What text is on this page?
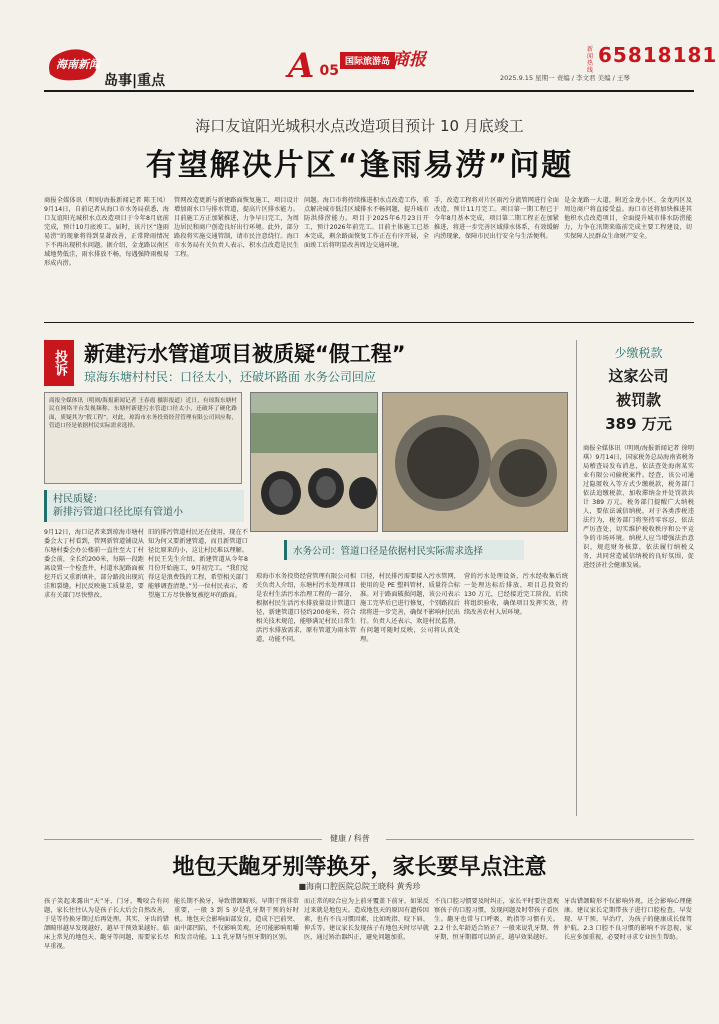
海南新闻
岛事|重点	A 05
国际旅游岛 商报
新闻热线
65818181
2025.9.15 星期一 责编 / 李文君 美编 / 王琴
海口友谊阳光城积水点改造项目预计 10 月底竣工
有望解决片区“逢雨易涝”问题
商报全媒体讯（明则/海报新闻记者 陈王凤）9月14日，自前记者从海口市水务局获悉，海口友谊阳光城积水点改造项目于今年8月底前完成，预计10月底竣工。届时，该片区“逢雨易涝”的现象将得到显著改善，正常降雨情况下不再出现积水问题。据介绍，金龙路以南区域地势低洼，雨水排放不畅，每遇强降雨极易形成内涝。
管网改造更新与新建路面恢复施工，项目设计增加雨水口与排水管道，提高片区排水能力。目前施工方正加紧推进，力争早日完工，为周边居民和商户创造良好出行环境。此外，部分路段将实施交通管制，请市民注意绕行。海口市水务局有关负责人表示，积水点改造是民生工程。
问题。海口市将持续推进积水点改造工作，重点解决城市低洼区域排水不畅问题，提升城市防洪排涝能力。项目于2025年6月23日开工，预计2026年前完工。目前主体施工已基本完成，剩余路面恢复工作正在有序开展，全面竣工后将明显改善周边交通环境。
手，改造工程将对片区雨污分流管网进行全面改造，预计11月完工。项目第一期工程已于今年8月基本完成，项目第二期工程正在加紧推进，将进一步完善区域排水体系，有效缓解内涝现象，保障市民出行安全与生活便利。
是金龙路一大道，附近金龙小区、金龙丙区及周边商户将直接受益。海口市还将加快推进其他积水点改造项目，全面提升城市排水防涝能力，力争在汛期来临前完成主要工程建设，切实保障人民群众生命财产安全。
投诉 新建污水管道项目被质疑“假工程”
琼海东塘村村民：口径太小，还破坏路面 水务公司回应
商报全媒体讯（明则/海报新闻记者 王春霞 摄影报道）近日，有琼海东塘村民在网络平台发视频称，东塘村新建污水管道口径太小，还破坏了硬化路面，质疑其为“假工程”。对此，琼海市水务投资经营管理有限公司回应称，管道口径是依据村民实际需求选择。
村民质疑：
新排污管道口径比原有管道小
9月12日，海口记者来到琼海市塘村委会大丁村看到，管网新管道铺设从东塘村委会办公楼前一直往至大丁村委会前，全长约200米，每隔一段距离设置一个检查井，村道水泥路面被挖开后又重新填补，部分路段出现坑洼和裂缝。村民反映施工质量差，要求有关部门尽快整改。
旧的排污管道村民还在使用，现在不知为何又要新建管道，而且新管道口径比原来的小，这让村民难以理解。村民王先生介绍，新建管道从今年8月份开始施工，9月初完工。“我们觉得这是浪费钱的工程，希望相关部门能够调查清楚。”另一位村民表示，希望施工方尽快修复被挖坏的路面。
水务公司：管道口径是依据村民实际需求选择
琼海市水务投资经营管理有限公司相关负责人介绍，东塘村污水处理项目是农村生活污水治理工程的一部分，根据村民生活污水排放量设计管道口径，新建管道口径约200毫米，符合相关技术规范，能够满足村民日常生活污水排放需求，原有管道为雨水管道，功能不同。
口径，村民排污需要接入污水管网，使用的是 PE 塑料管材，质量符合标准。对于路面破损问题，该公司表示施工完毕后已进行修复，个别路段后续将进一步完善，确保不影响村民出行。负责人还表示，欢迎村民监督，有问题可随时反映，公司将认真处理。
营的污水处理设备，污水经收集后统一处理达标后排放，项目总投资约 130 万元，已经接近完工阶段，后续将组织验收，确保项目发挥实效，持续改善农村人居环境。
少缴税款
这家公司
被罚款
389 万元
商报全媒体讯（明则/海报新闻记者 徐明琪）9月14日，国家税务总局海南省税务局稽查局发布消息，依法查处海南某实业有限公司偷税案件。经查，该公司通过隐匿收入等方式少缴税款，税务部门依法追缴税款、加收滞纳金并处罚款共计 389 万元。税务部门提醒广大纳税人，要依法诚信纳税，对于各类涉税违法行为，税务部门将坚持零容忍，依法严厉查处，切实维护税收秩序和公平竞争的市场环境。纳税人应当增强法治意识，规范财务核算，依法履行纳税义务，共同营造诚信纳税的良好氛围，促进经济社会健康发展。
健康 / 科普
地包天龅牙别等换牙，家长要早点注意
■海南口腔医院总院王晓科 黄秀珍
孩子笑起来露出“天”牙、门牙，嘴咬合有问题，家长往往认为是孩子长大后会自然改善，于是等待换牙期过后再处理。其实，牙齿的错颌畸形越早发现越好，越早干预效果越好。临床上常见的地包天、龅牙等问题，需要家长尽早重视。
能长期不换牙，导致错颌畸形。早期干预非常重要，一般 3 到 5 岁是乳牙期干预的好时机。地包天会影响面部发育，造成下巴前突、面中部凹陷，不仅影响美观，还可能影响咀嚼和发音功能。1.1 乳牙期与恒牙期的区别。
而正常的咬合应为上前牙覆盖下前牙，如果反过来就是地包天。造成地包天的原因有遗传因素，也有不良习惯因素，比如吮指、咬下唇、伸舌等。建议家长发现孩子有地包天时尽早就医，通过矫治器纠正，避免问题加重。
不良口腔习惯要及时纠正，家长平时要注意观察孩子的口腔习惯，发现问题及时带孩子看医生。龅牙也常与口呼吸、吮指等习惯有关。2.2 什么年龄适合矫正？一般来说乳牙期、替牙期、恒牙期都可以矫正，越早效果越好。
牙齿错颌畸形不仅影响外观，还会影响心理健康。建议家长定期带孩子进行口腔检查，早发现、早干预、早治疗，为孩子的健康成长保驾护航。2.3 口腔不良习惯的影响不容忽视，家长应多加重视，必要时寻求专业医生帮助。
